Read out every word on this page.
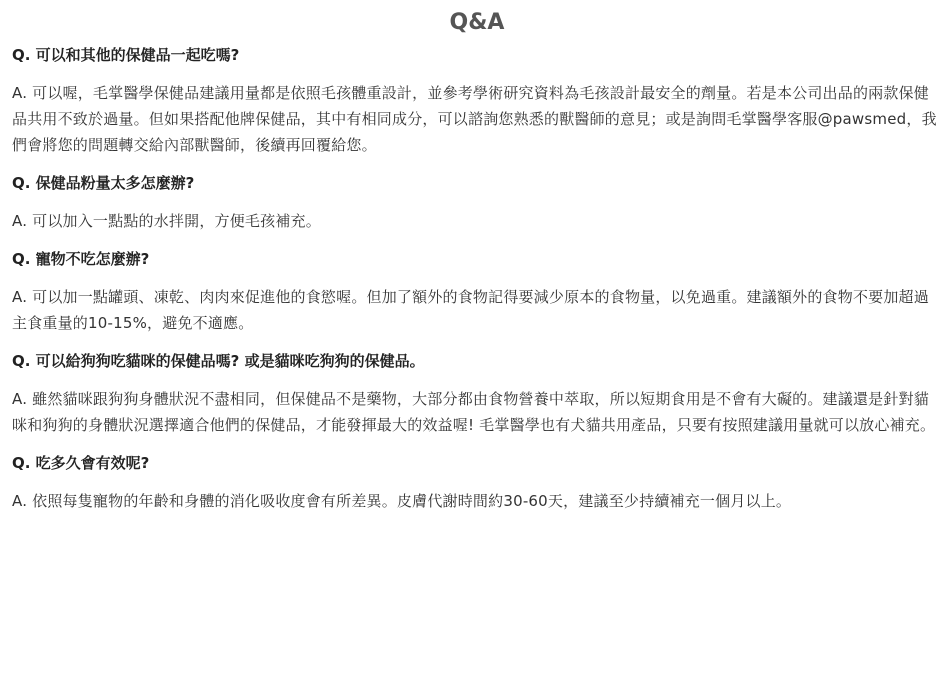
Q&A

Q. 可以和其他的保健品一起吃嗎?

A. 可以喔，毛掌醫學保健品建議用量都是依照毛孩體重設計，並參考學術研究資料為毛孩設計最安全的劑量。若是本公司出品的兩款保健品共用不致於過量。但如果搭配他牌保健品，其中有相同成分，可以諮詢您熟悉的獸醫師的意見；或是詢問毛掌醫學客服@pawsmed，我們會將您的問題轉交給內部獸醫師，後續再回覆給您。

Q. 保健品粉量太多怎麼辦?

A. 可以加入一點點的水拌開，方便毛孩補充。

Q. 寵物不吃怎麼辦?

A. 可以加一點罐頭、凍乾、肉肉來促進他的食慾喔。但加了額外的食物記得要減少原本的食物量，以免過重。建議額外的食物不要加超過主食重量的10-15%，避免不適應。

Q. 可以給狗狗吃貓咪的保健品嗎? 或是貓咪吃狗狗的保健品。

A. 雖然貓咪跟狗狗身體狀況不盡相同，但保健品不是藥物，大部分都由食物營養中萃取，所以短期食用是不會有大礙的。建議還是針對貓咪和狗狗的身體狀況選擇適合他們的保健品，才能發揮最大的效益喔! 毛掌醫學也有犬貓共用產品，只要有按照建議用量就可以放心補充。

Q. 吃多久會有效呢?

A. 依照每隻寵物的年齡和身體的消化吸收度會有所差異。皮膚代謝時間約30-60天，建議至少持續補充一個月以上。
